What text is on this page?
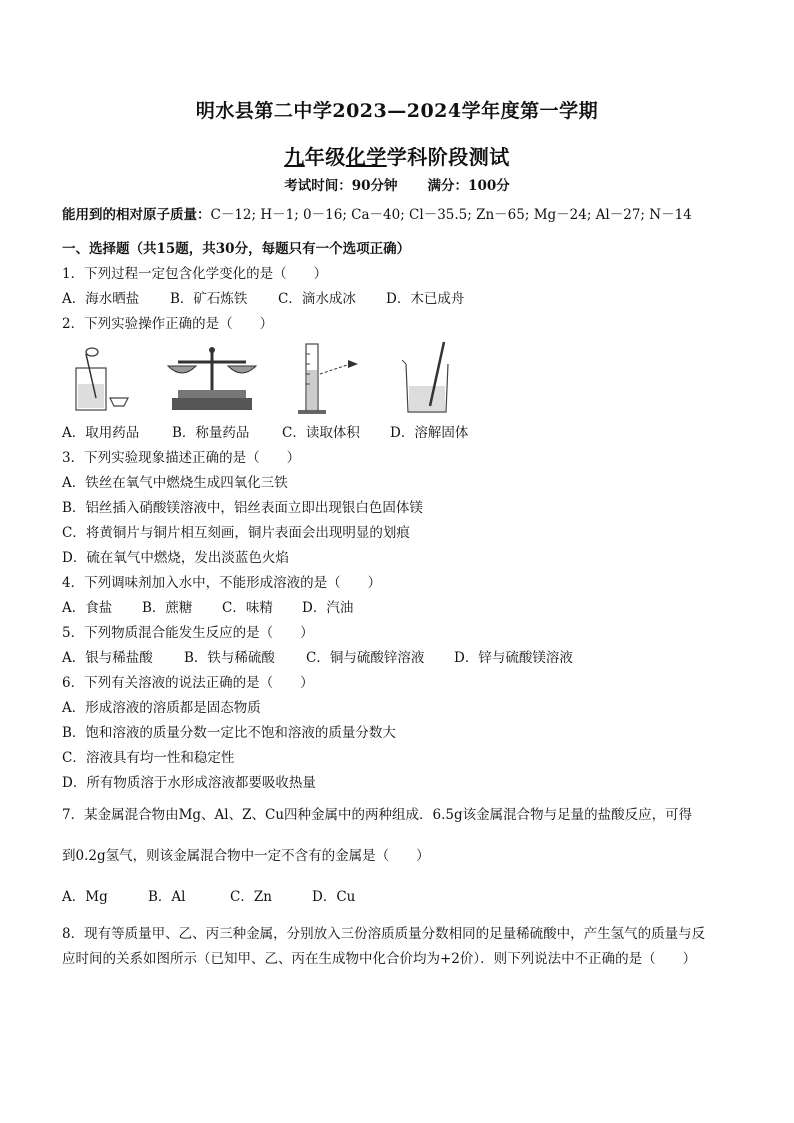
明水县第二中学2023—2024学年度第一学期
九年级化学学科阶段测试
考试时间：90分钟 满分：100分
能用到的相对原子质量：C－12; H－1; 0－16; Ca－40; Cl－35.5; Zn－65; Mg－24; Al－27; N－14
一、选择题（共15题，共30分，每题只有一个选项正确）
1．下列过程一定包含化学变化的是（　　）
A．海水晒盐 B．矿石炼铁 C．滴水成冰 D．木已成舟
2．下列实验操作正确的是（　　）
A．取用药品 B．称量药品 C．读取体积 D．溶解固体
3．下列实验现象描述正确的是（　　）
A．铁丝在氧气中燃烧生成四氧化三铁
B．铝丝插入硝酸镁溶液中，铝丝表面立即出现银白色固体镁
C．将黄铜片与铜片相互刻画，铜片表面会出现明显的划痕
D．硫在氧气中燃烧，发出淡蓝色火焰
4．下列调味剂加入水中，不能形成溶液的是（　　）
A．食盐 B．蔗糖 C．味精 D．汽油
5．下列物质混合能发生反应的是（　　）
A．银与稀盐酸 B．铁与稀硫酸 C．铜与硫酸锌溶液 D．锌与硫酸镁溶液
6．下列有关溶液的说法正确的是（　　）
A．形成溶液的溶质都是固态物质
B．饱和溶液的质量分数一定比不饱和溶液的质量分数大
C．溶液具有均一性和稳定性
D．所有物质溶于水形成溶液都要吸收热量
7．某金属混合物由Mg、Al、Z、Cu四种金属中的两种组成．6.5g该金属混合物与足量的盐酸反应，可得
到0.2g氢气，则该金属混合物中一定不含有的金属是（　　）
A．Mg	B．Al	C．Zn	D．Cu
8．现有等质量甲、乙、丙三种金属，分别放入三份溶质质量分数相同的足量稀硫酸中，产生氢气的质量与反
应时间的关系如图所示（已知甲、乙、丙在生成物中化合价均为+2价）．则下列说法中不正确的是（　　）
